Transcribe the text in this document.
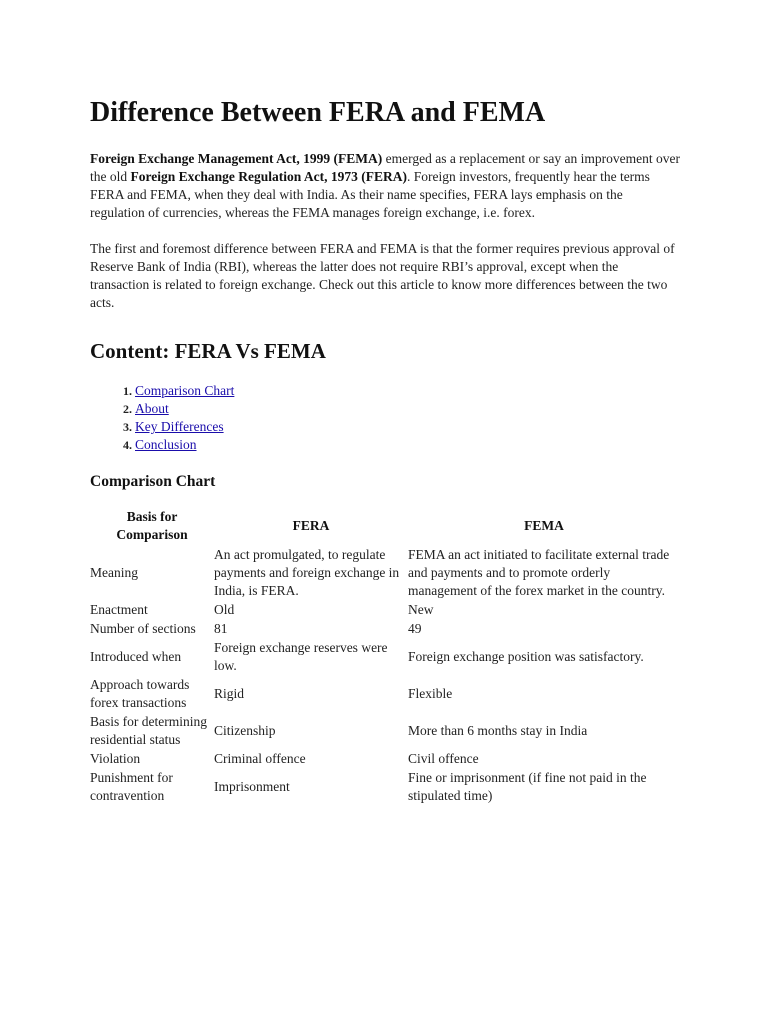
Difference Between FERA and FEMA

Foreign Exchange Management Act, 1999 (FEMA) emerged as a replacement or say an improvement over the old Foreign Exchange Regulation Act, 1973 (FERA). Foreign investors, frequently hear the terms FERA and FEMA, when they deal with India. As their name specifies, FERA lays emphasis on the regulation of currencies, whereas the FEMA manages foreign exchange, i.e. forex.

The first and foremost difference between FERA and FEMA is that the former requires previous approval of Reserve Bank of India (RBI), whereas the latter does not require RBI’s approval, except when the transaction is related to foreign exchange. Check out this article to know more differences between the two acts.

Content: FERA Vs FEMA
1. Comparison Chart
2. About
3. Key Differences
4. Conclusion
Comparison Chart
Basis for Comparison	FERA	FEMA
Meaning	An act promulgated, to regulate payments and foreign exchange in India, is FERA.	FEMA an act initiated to facilitate external trade and payments and to promote orderly management of the forex market in the country.
Enactment	Old	New
Number of sections	81	49
Introduced when	Foreign exchange reserves were low.	Foreign exchange position was satisfactory.
Approach towards forex transactions	Rigid	Flexible
Basis for determining residential status	Citizenship	More than 6 months stay in India
Violation	Criminal offence	Civil offence
Punishment for contravention	Imprisonment	Fine or imprisonment (if fine not paid in the stipulated time)
